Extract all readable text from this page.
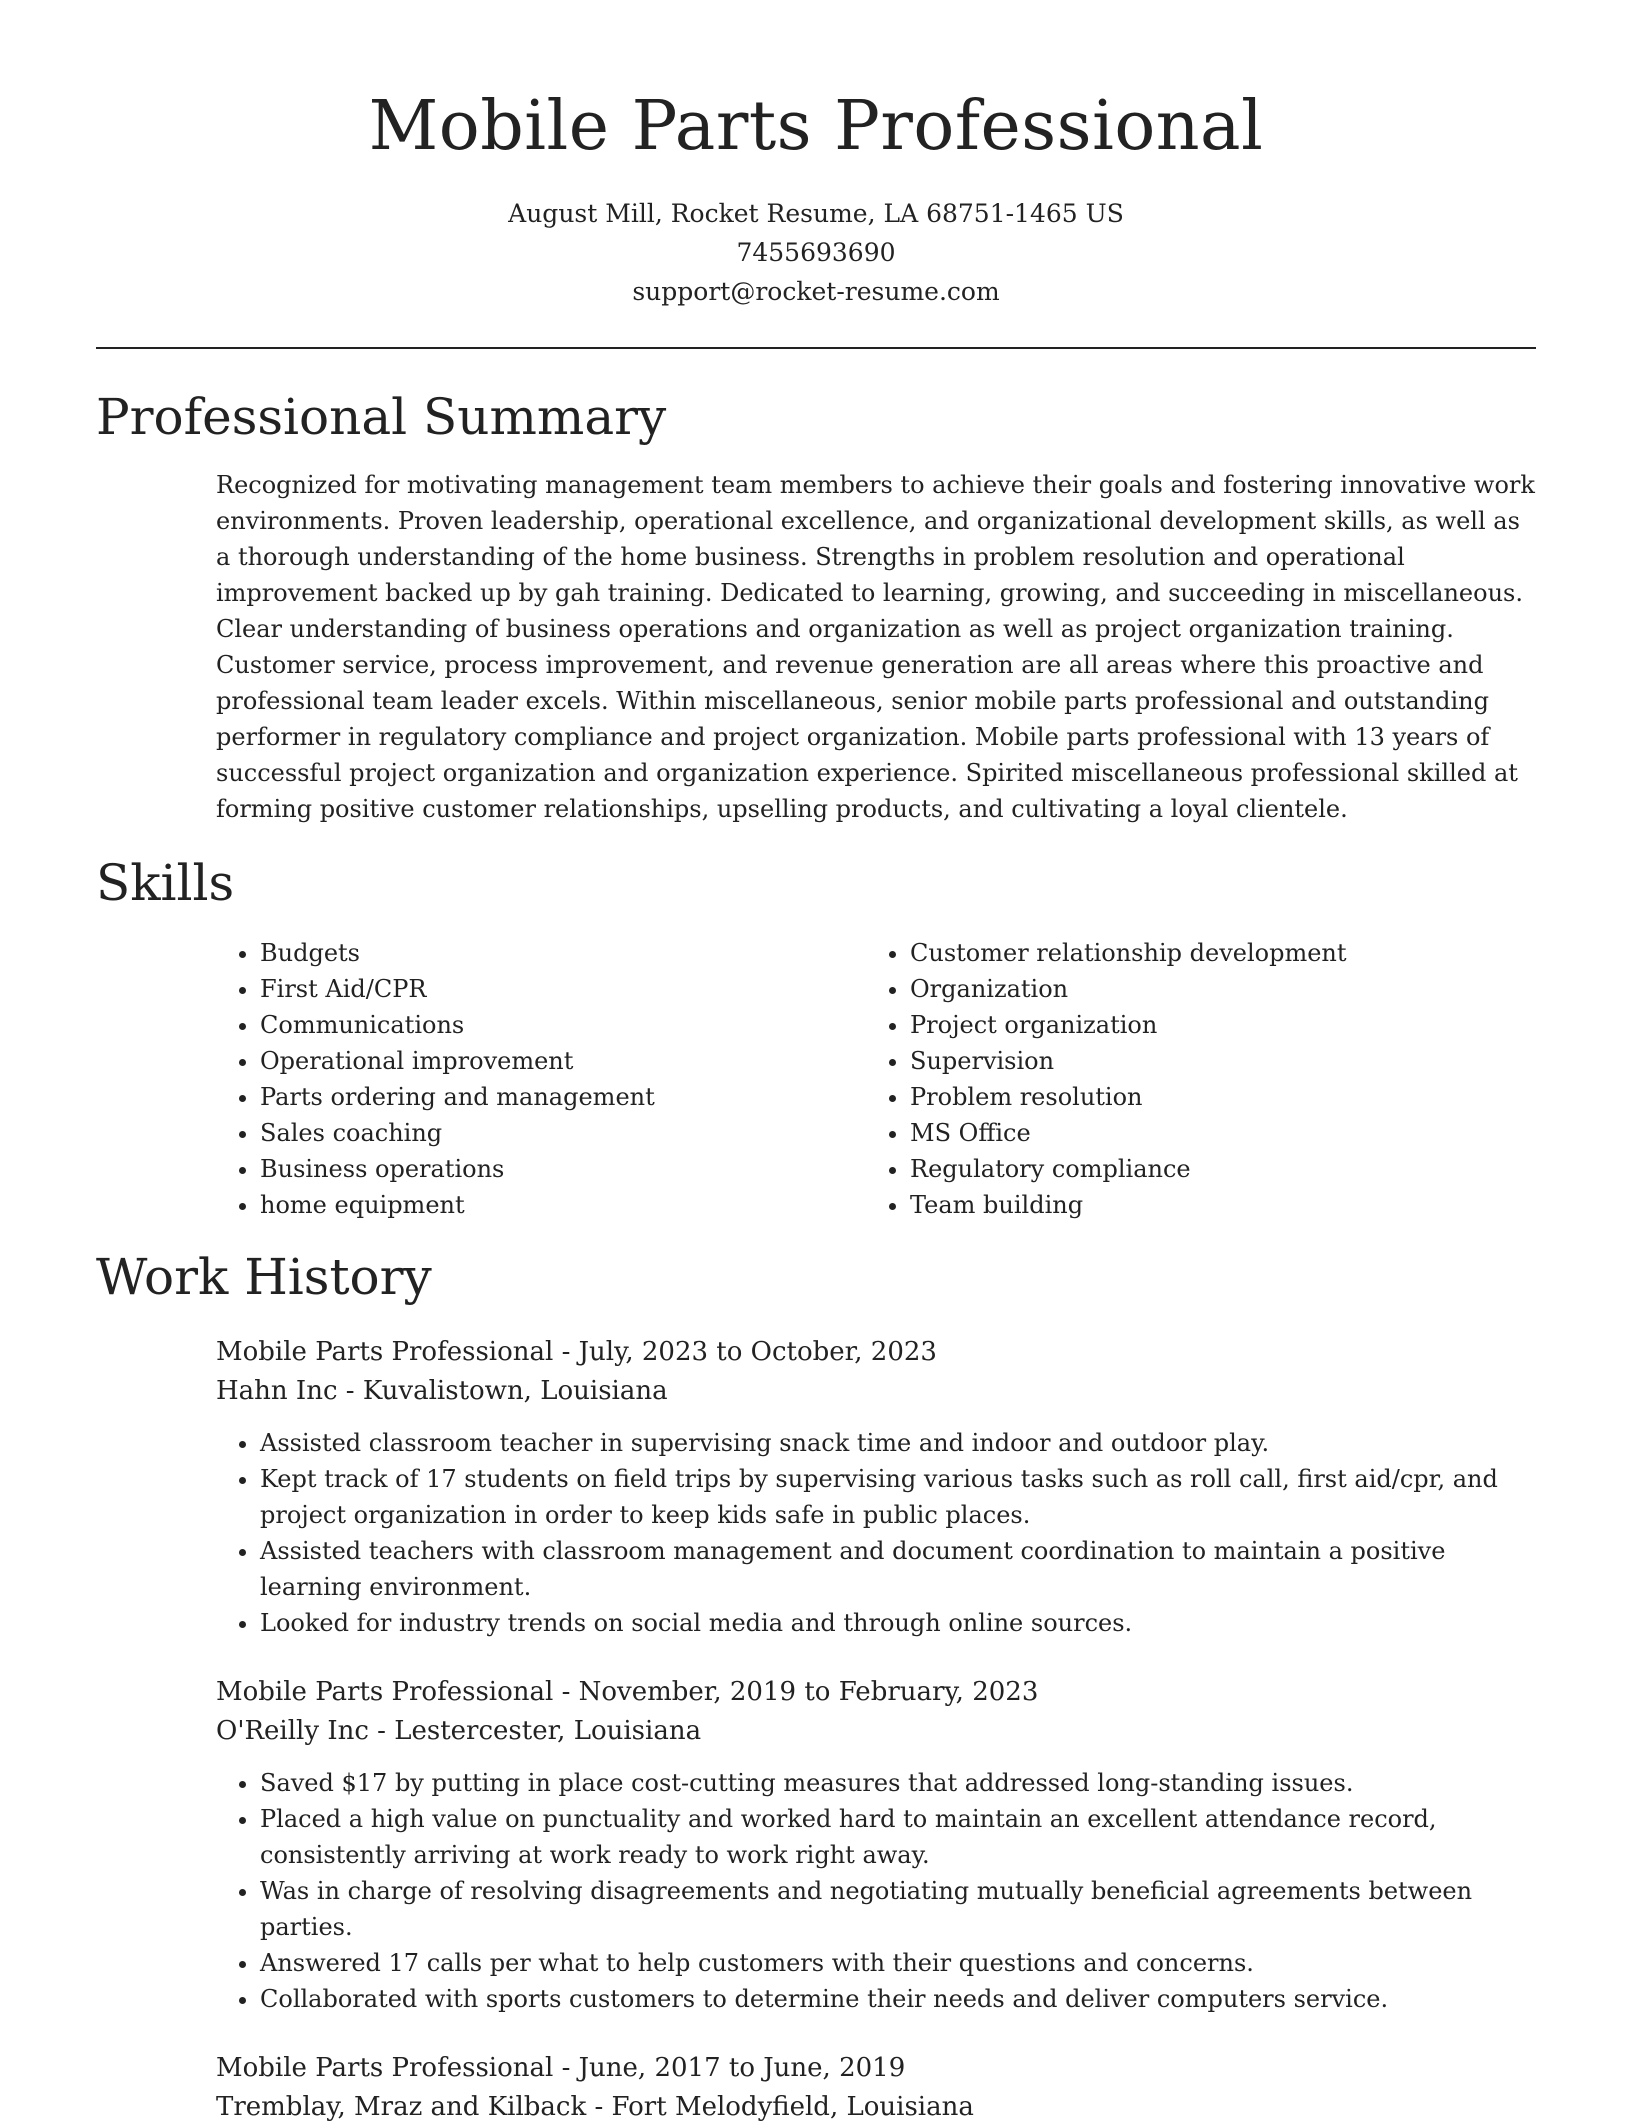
Mobile Parts Professional
August Mill, Rocket Resume, LA 68751-1465 US
7455693690
support@rocket-resume.com
Professional Summary

Recognized for motivating management team members to achieve their goals and fostering innovative work environments. Proven leadership, operational excellence, and organizational development skills, as well as a thorough understanding of the home business. Strengths in problem resolution and operational improvement backed up by gah training. Dedicated to learning, growing, and succeeding in miscellaneous. Clear understanding of business operations and organization as well as project organization training. Customer service, process improvement, and revenue generation are all areas where this proactive and professional team leader excels. Within miscellaneous, senior mobile parts professional and outstanding performer in regulatory compliance and project organization. Mobile parts professional with 13 years of successful project organization and organization experience. Spirited miscellaneous professional skilled at forming positive customer relationships, upselling products, and cultivating a loyal clientele.

Skills
• Budgets
• First Aid/CPR
• Communications
• Operational improvement
• Parts ordering and management
• Sales coaching
• Business operations
• home equipment
• Customer relationship development
• Organization
• Project organization
• Supervision
• Problem resolution
• MS Office
• Regulatory compliance
• Team building
Work History
Mobile Parts Professional - July, 2023 to October, 2023
Hahn Inc - Kuvalistown, Louisiana
• Assisted classroom teacher in supervising snack time and indoor and outdoor play.
• Kept track of 17 students on field trips by supervising various tasks such as roll call, first aid/cpr, and project organization in order to keep kids safe in public places.
• Assisted teachers with classroom management and document coordination to maintain a positive learning environment.
• Looked for industry trends on social media and through online sources.
Mobile Parts Professional - November, 2019 to February, 2023
O'Reilly Inc - Lestercester, Louisiana
• Saved $17 by putting in place cost-cutting measures that addressed long-standing issues.
• Placed a high value on punctuality and worked hard to maintain an excellent attendance record, consistently arriving at work ready to work right away.
• Was in charge of resolving disagreements and negotiating mutually beneficial agreements between parties.
• Answered 17 calls per what to help customers with their questions and concerns.
• Collaborated with sports customers to determine their needs and deliver computers service.
Mobile Parts Professional - June, 2017 to June, 2019
Tremblay, Mraz and Kilback - Fort Melodyfield, Louisiana
